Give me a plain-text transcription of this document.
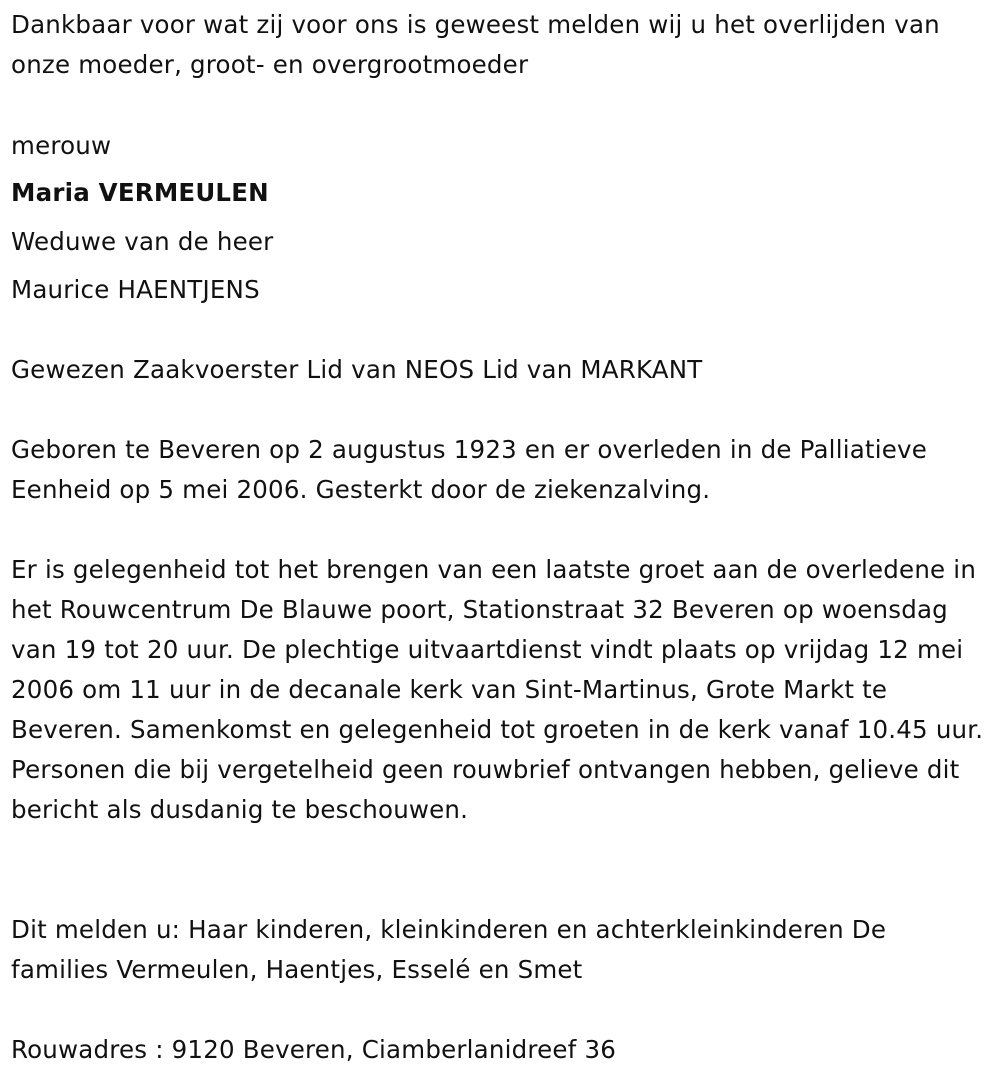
Dankbaar voor wat zij voor ons is geweest melden wij u het overlijden van onze moeder, groot- en overgrootmoeder
merouw
Maria VERMEULEN
Weduwe van de heer
Maurice HAENTJENS
Gewezen Zaakvoerster Lid van NEOS Lid van MARKANT
Geboren te Beveren op 2 augustus 1923 en er overleden in de Palliatieve Eenheid op 5 mei 2006. Gesterkt door de ziekenzalving.
Er is gelegenheid tot het brengen van een laatste groet aan de overledene in het Rouwcentrum De Blauwe poort, Stationstraat 32 Beveren op woensdag van 19 tot 20 uur. De plechtige uitvaartdienst vindt plaats op vrijdag 12 mei 2006 om 11 uur in de decanale kerk van Sint-Martinus, Grote Markt te Beveren. Samenkomst en gelegenheid tot groeten in de kerk vanaf 10.45 uur. Personen die bij vergetelheid geen rouwbrief ontvangen hebben, gelieve dit bericht als dusdanig te beschouwen.
Dit melden u: Haar kinderen, kleinkinderen en achterkleinkinderen De families Vermeulen, Haentjes, Esselé en Smet
Rouwadres : 9120 Beveren, Ciamberlanidreef 36
